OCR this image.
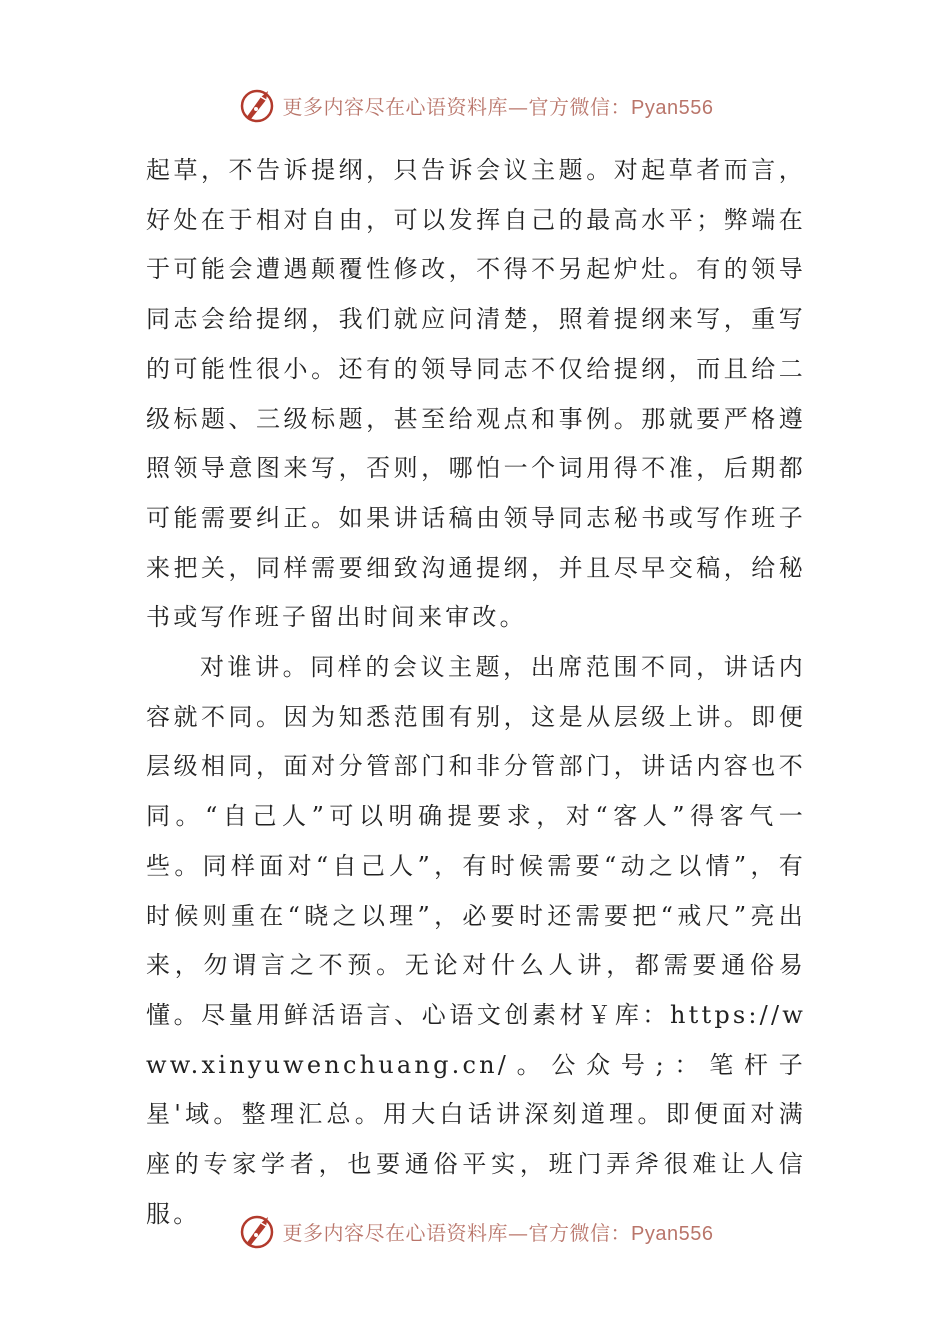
更多内容尽在心语资料库—官方微信：Pyan556

起草，不告诉提纲，只告诉会议主题。对起草者而言，好处在于相对自由，可以发挥自己的最高水平；弊端在于可能会遭遇颠覆性修改，不得不另起炉灶。有的领导同志会给提纲，我们就应问清楚，照着提纲来写，重写的可能性很小。还有的领导同志不仅给提纲，而且给二级标题、三级标题，甚至给观点和事例。那就要严格遵照领导意图来写，否则，哪怕一个词用得不准，后期都可能需要纠正。如果讲话稿由领导同志秘书或写作班子来把关，同样需要细致沟通提纲，并且尽早交稿，给秘书或写作班子留出时间来审改。

对谁讲。同样的会议主题，出席范围不同，讲话内容就不同。因为知悉范围有别，这是从层级上讲。即便层级相同，面对分管部门和非分管部门，讲话内容也不同。“自己人”可以明确提要求，对“客人”得客气一些。同样面对“自己人”，有时候需要“动之以情”，有时候则重在“晓之以理”，必要时还需要把“戒尺”亮出来，勿谓言之不预。无论对什么人讲，都需要通俗易懂。尽量用鲜活语言、心语文创素材￥库：https://www.xinyuwenchuang.cn/。公众号;：笔杆子星'域。整理汇总。用大白话讲深刻道理。即便面对满座的专家学者，也要通俗平实，班门弄斧很难让人信服。

更多内容尽在心语资料库—官方微信：Pyan556
